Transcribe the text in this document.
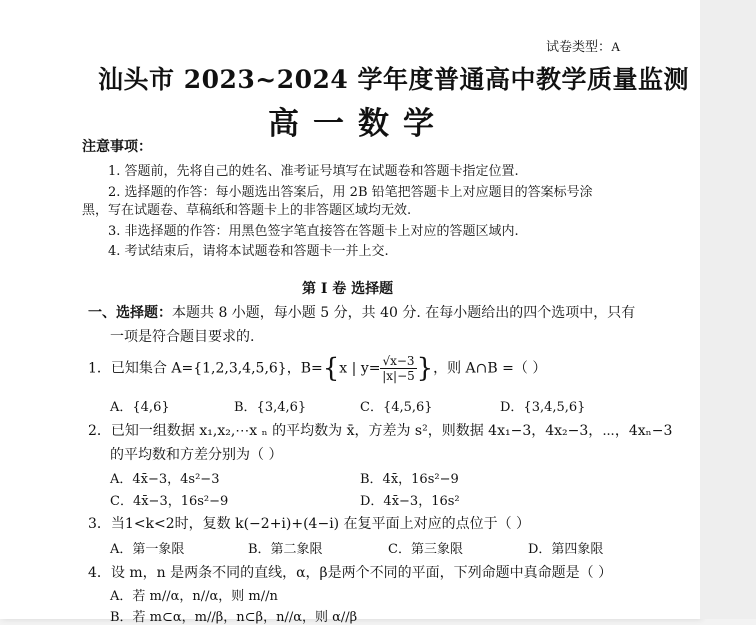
试卷类型：A
汕头市 2023~2024 学年度普通高中教学质量监测
高一数学
注意事项：
1. 答题前，先将自己的姓名、准考证号填写在试题卷和答题卡指定位置.
2. 选择题的作答：每小题选出答案后，用 2B 铅笔把答题卡上对应题目的答案标号涂
黑，写在试题卷、草稿纸和答题卡上的非答题区域均无效.
3. 非选择题的作答：用黑色签字笔直接答在答题卡上对应的答题区域内.
4. 考试结束后，请将本试题卷和答题卡一并上交.
第 I 卷 选择题
一、选择题：本题共 8 小题，每小题 5 分，共 40 分. 在每小题给出的四个选项中，只有
一项是符合题目要求的.
1．已知集合 A={1,2,3,4,5,6}，B={x | $y= \frac{√x-3}{|x|-5}$ }，则 A∩B =（ ）
A．{4,6}	B．{3,4,6}	C．{4,5,6}	D．{3,4,5,6}
2．已知一组数据 x₁,x₂,⋯x ₙ 的平均数为 x̄，方差为 s²，则数据 4x₁−3，4x₂−3，⋯，4xₙ−3
的平均数和方差分别为（ ）
A．4x̄−3，4s²−3	B．4x̄，16s²−9
C．4x̄−3，16s²−9	D．4x̄−3，16s²
3．当1<k<2时，复数 k(−2+i)+(4−i) 在复平面上对应的点位于（ ）
A．第一象限	B．第二象限	C．第三象限	D．第四象限
4．设 m，n 是两条不同的直线，α，β是两个不同的平面，下列命题中真命题是（ ）
A．若 m//α，n//α，则 m//n
B．若 m⊂α，m//β，n⊂β，n//α，则 α//β
